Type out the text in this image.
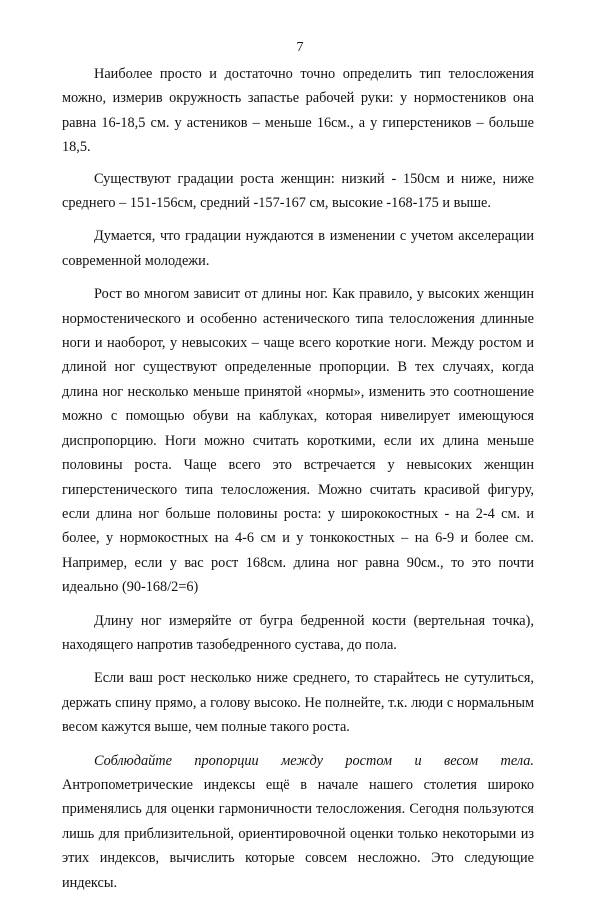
7

Наиболее просто и достаточно точно определить тип телосложения можно, измерив окружность запастье рабочей руки: у нормостеников она равна 16-18,5 см. у астеников – меньше 16см., а у гиперстеников – больше 18,5.

Существуют градации роста женщин: низкий - 150см и ниже, ниже среднего – 151-156см, средний -157-167 см, высокие -168-175 и выше.

Думается, что градации нуждаются в изменении с учетом акселерации современной молодежи.

Рост во многом зависит от длины ног. Как правило, у высоких женщин нормостенического и особенно астенического типа телосложения длинные ноги и наоборот, у невысоких – чаще всего короткие ноги. Между ростом и длиной ног существуют определенные пропорции. В тех случаях, когда длина ног несколько меньше принятой «нормы», изменить это соотношение можно с помощью обуви на каблуках, которая нивелирует имеющуюся диспропорцию. Ноги можно считать короткими, если их длина меньше половины роста. Чаще всего это встречается у невысоких женщин гиперстенического типа телосложения. Можно считать красивой фигуру, если длина ног больше половины роста: у ширококостных - на 2-4 см. и более, у нормокостных на 4-6 см и у тонкокостных – на 6-9 и более см. Например, если у вас рост 168см. длина ног равна 90см., то это почти идеально (90-168/2=6)

Длину ног измеряйте от бугра бедренной кости (вертельная точка), находящего напротив тазобедренного сустава, до пола.

Если ваш рост несколько ниже среднего, то старайтесь не сутулиться, держать спину прямо, а голову высоко. Не полнейте, т.к. люди с нормальным весом кажутся выше, чем полные такого роста.

Соблюдайте пропорции между ростом и весом тела. Антропометрические индексы ещё в начале нашего столетия широко применялись для оценки гармоничности телосложения. Сегодня пользуются лишь для приблизительной, ориентировочной оценки только некоторыми из этих индексов, вычислить которые совсем несложно. Это следующие индексы.
